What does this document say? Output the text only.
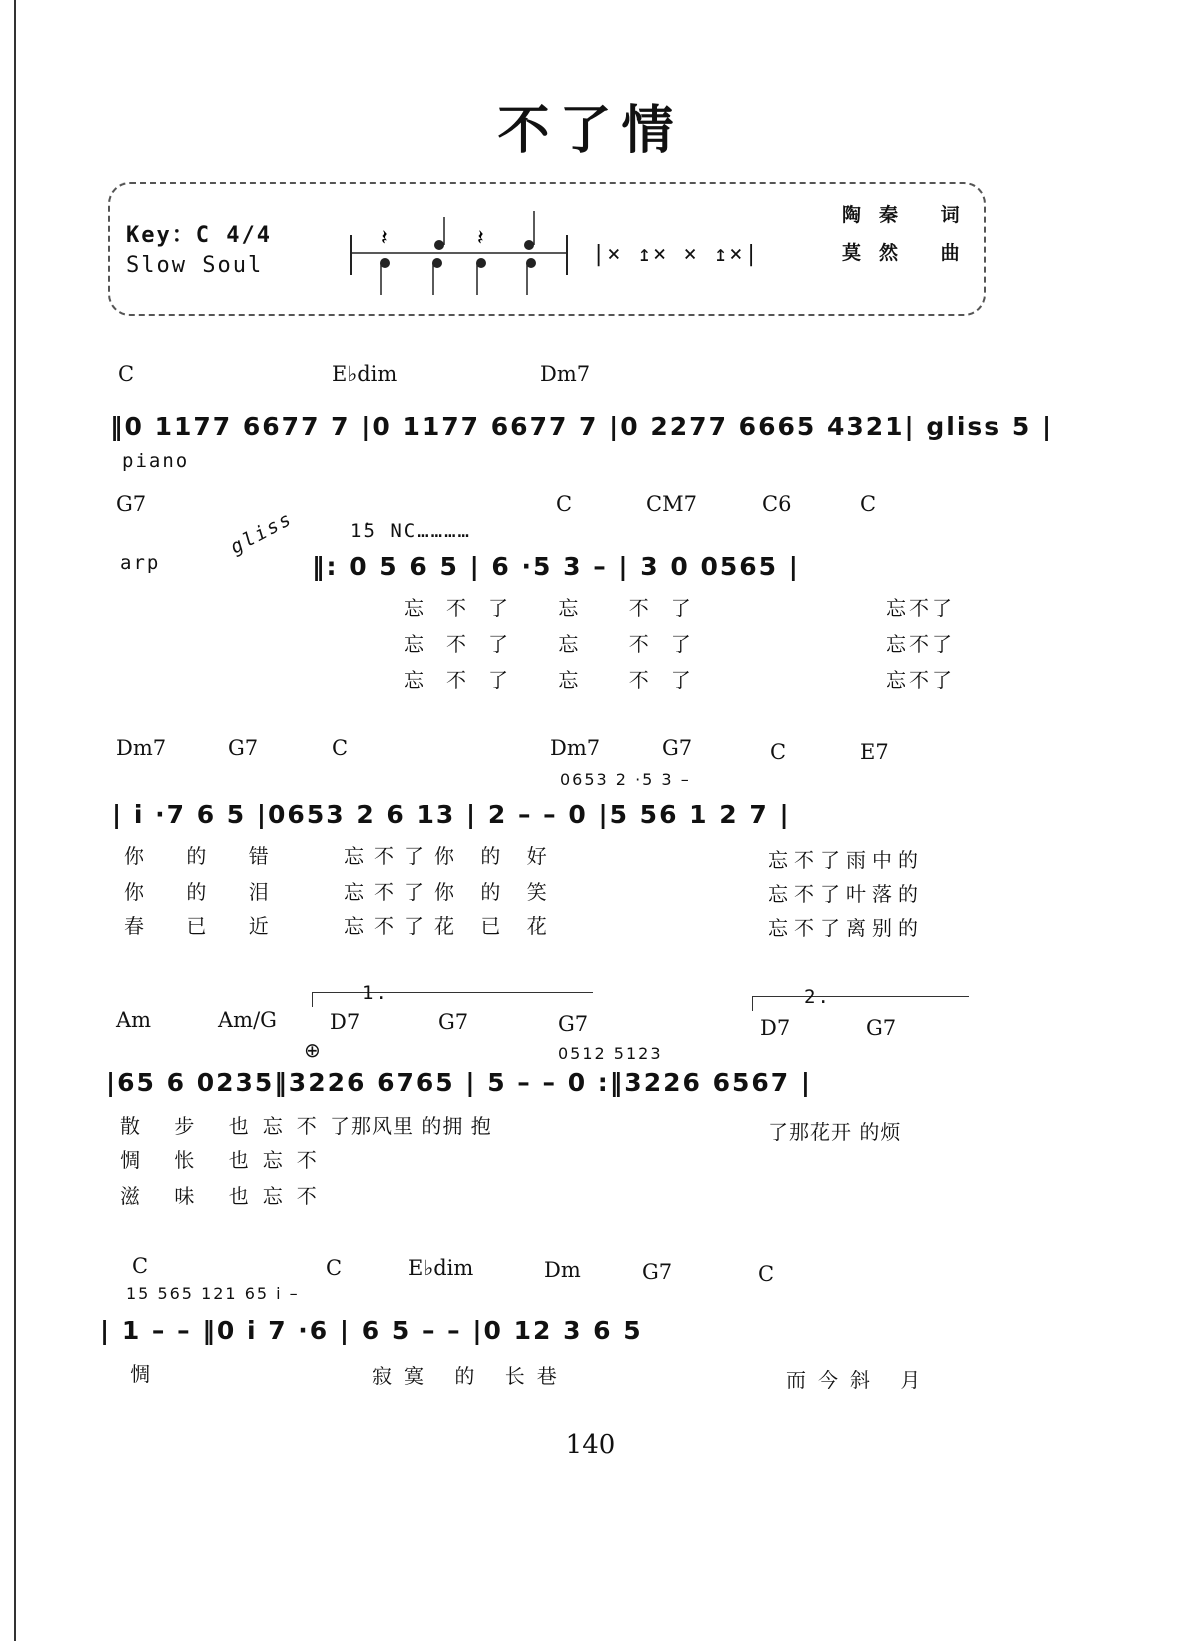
不了情
Key：C 4/4
Slow Soul
𝄽	𝄽
|× ↥× × ↥×|
陶秦 词
莫然 曲
C	E♭dim	Dm7
‖0 1177 6677 7 |0 1177 6677 7 |0 2277 6665 4321| gliss 5 |
piano
G7	C	CM7	C6	C
arp
gliss	1̇5 NC…………
‖: 0 5 6 5 | 6 ·5 3 – | 3 0 0565 |
忘不了 忘 不了
忘不了 忘 不了
忘不了 忘 不了
忘不了
忘不了
忘不了
Dm7	G7	C	Dm7	G7	C	E7
0653 2 ·5 3 –
| i ·7 6 5 |0653 2 6 13 | 2 – – 0 |5 56 1 2 7 |
你 的 错
你 的 泪
春 已 近
忘不了你 的 好
忘不了你 的 笑
忘不了花 已 花
忘不了雨中的
忘不了叶落的
忘不了离别的
1.	2.
Am	Am/G	D7	G7	G7	D7	G7
⊕	0512 5123
|65 6 0235‖3226 6765 | 5 – – 0 :‖3226 6567 |
散 步 也忘不
惆 怅 也忘不
滋 味 也忘不
了那风里 的拥 抱	了那花开 的烦
C	C	E♭dim	Dm	G7	C
15 565 121 65 i –
| 1 – – ‖0 i 7 ·6 | 6 5 – – |0 12 3 6 5
惆	寂寞 的 长巷	而今斜 月
140
